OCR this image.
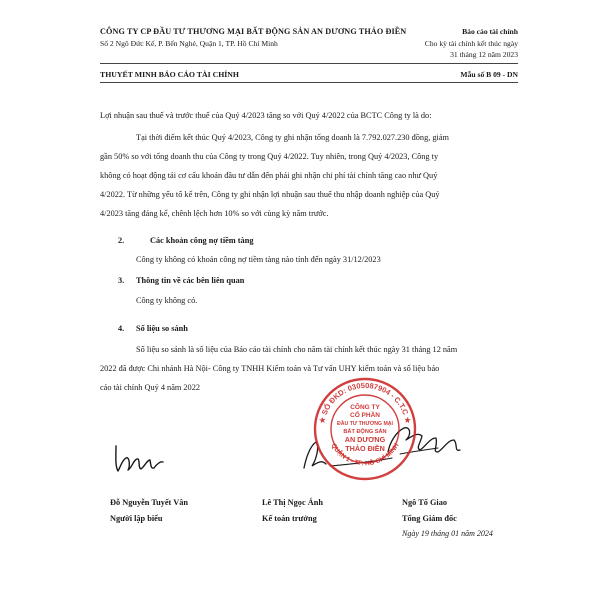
CÔNG TY CP ĐẦU TƯ THƯƠNG MẠI BẤT ĐỘNG SẢN AN DƯƠNG THẢO ĐIỀN
Số 2 Ngô Đức Kế, P. Bến Nghé, Quận 1, TP. Hồ Chí Minh
Báo cáo tài chính
Cho kỳ tài chính kết thúc ngày
31 tháng 12 năm 2023
THUYẾT MINH BÁO CÁO TÀI CHÍNH	Mẫu số B 09 - DN
Lợi nhuận sau thuế và trước thuế của Quý 4/2023 tăng so với Quý 4/2022 của BCTC Công ty là do:
Tại thời điểm kết thúc Quý 4/2023, Công ty ghi nhận tổng doanh là 7.792.027.230 đồng, giảm
gần 50% so với tổng doanh thu của Công ty trong Quý 4/2022. Tuy nhiên, trong Quý 4/2023, Công ty
không có hoạt động tái cơ cấu khoản đầu tư dẫn đến phải ghi nhận chi phí tài chính tăng cao như Quý
4/2022. Từ những yếu tố kể trên, Công ty ghi nhận lợi nhuận sau thuế thu nhập doanh nghiệp của Quý
4/2023 tăng đáng kể, chênh lệch hơn 10% so với cùng kỳ năm trước.
2.	Các khoản công nợ tiềm tàng
Công ty không có khoản công nợ tiềm tàng nào tính đến ngày 31/12/2023
3. Thông tin về các bên liên quan
Công ty không có.
4. Số liệu so sánh
Số liệu so sánh là số liệu của Báo cáo tài chính cho năm tài chính kết thúc ngày 31 tháng 12 năm
2022 đã được Chi nhánh Hà Nội- Công ty TNHH Kiểm toán và Tư vấn UHY kiểm toán và số liệu báo
cáo tài chính Quý 4 năm 2022
★ SỐ ĐKD: 0305087904 - C.T.C ★
QUẬN 1 - TP. HỒ CHÍ MINH
CÔNG TY
CỔ PHẦN
ĐẦU TƯ THƯƠNG MẠI
BẤT ĐỘNG SẢN
AN DƯƠNG
THẢO ĐIỀN
Đỗ Nguyễn Tuyết Vân
Người lập biểu
Lê Thị Ngọc Ánh
Kế toán trưởng
Ngô Tố Giao
Tổng Giám đốc
Ngày 19 tháng 01 năm 2024
